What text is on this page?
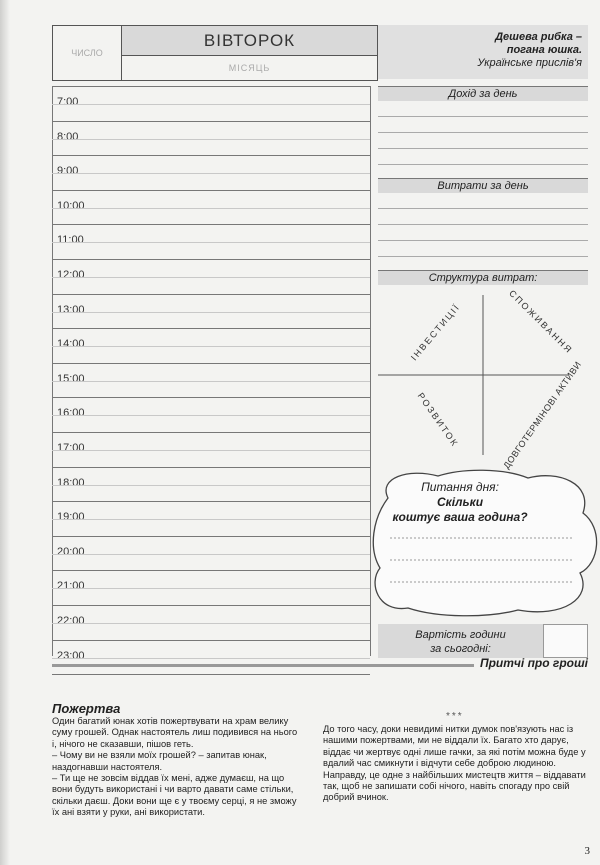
ЧИСЛО
ВІВТОРОК
МІСЯЦЬ
7:00
8:00
9:00
10:00
11:00
12:00
13:00
14:00
15:00
16:00
17:00
18:00
19:00
20:00
21:00
22:00
23:00
Дешева рибка –
погана юшка.
Українське прислів'я
Дохід за день
Витрати за день
Структура витрат:
ІНВЕСТИЦІЇ	СПОЖИВАННЯ
РОЗВИТОК	ДОВГОТЕРМІНОВІ АКТИВИ
Питання дня:
Скільки
коштує ваша година?
Вартість години
за сьогодні:
Притчі про гроші
Пожертва

Один багатий юнак хотів пожертвувати на храм велику суму грошей. Однак настоятель лиш подивився на нього і, нічого не сказавши, пішов геть.

– Чому ви не взяли моїх грошей? – запитав юнак, наздогнавши настоятеля.

– Ти ще не зовсім віддав їх мені, адже думаєш, на що вони будуть використані і чи варто давати саме стільки, скільки даєш. Доки вони ще є у твоєму серці, я не зможу їх ані взяти у руки, ані використати.

***

До того часу, доки невидимі нитки думок пов'язують нас із нашими пожертвами, ми не віддали їх. Багато хто дарує, віддає чи жертвує одні лише гачки, за які потім можна буде у вдалий час смикнути і відчути себе доброю людиною. Направду, це одне з найбільших мистецтв життя – віддавати так, щоб не запишати собі нічого, навіть спогаду про свій добрий вчинок.

3
